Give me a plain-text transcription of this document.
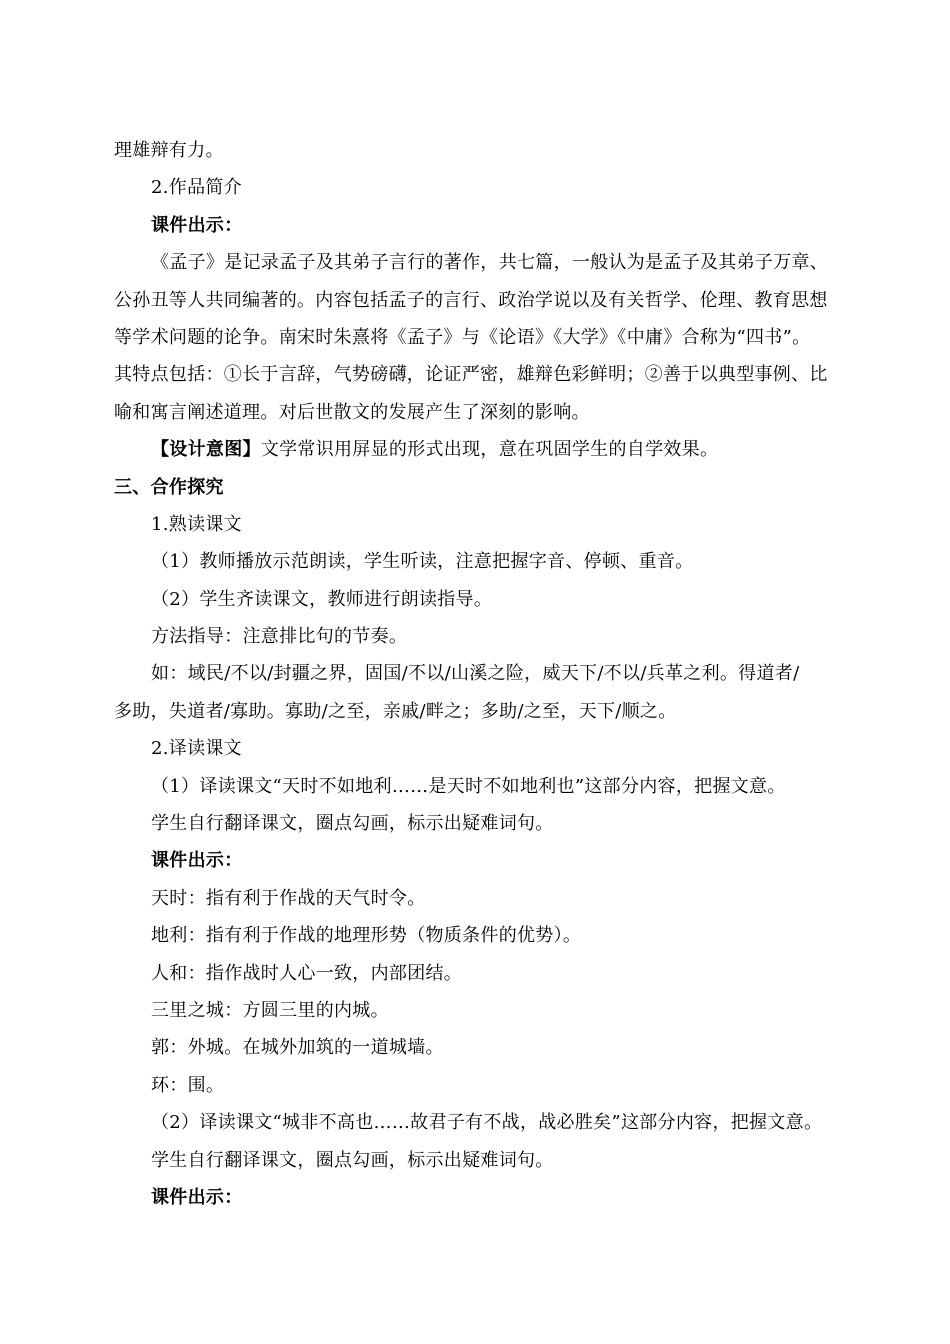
理雄辩有力。
2.作品简介
课件出示：
《孟子》是记录孟子及其弟子言行的著作，共七篇，一般认为是孟子及其弟子万章、
公孙丑等人共同编著的。内容包括孟子的言行、政治学说以及有关哲学、伦理、教育思想
等学术问题的论争。南宋时朱熹将《孟子》与《论语》《大学》《中庸》合称为“四书”。
其特点包括：①长于言辞，气势磅礴，论证严密，雄辩色彩鲜明；②善于以典型事例、比
喻和寓言阐述道理。对后世散文的发展产生了深刻的影响。
【设计意图】文学常识用屏显的形式出现，意在巩固学生的自学效果。
三、合作探究
1.熟读课文
（1）教师播放示范朗读，学生听读，注意把握字音、停顿、重音。
（2）学生齐读课文，教师进行朗读指导。
方法指导：注意排比句的节奏。
如：域民/不以/封疆之界，固国/不以/山溪之险，威天下/不以/兵革之利。得道者/
多助，失道者/寡助。寡助/之至，亲戚/畔之；多助/之至，天下/顺之。
2.译读课文
（1）译读课文“天时不如地利……是天时不如地利也”这部分内容，把握文意。
学生自行翻译课文，圈点勾画，标示出疑难词句。
课件出示：
天时：指有利于作战的天气时令。
地利：指有利于作战的地理形势（物质条件的优势）。
人和：指作战时人心一致，内部团结。
三里之城：方圆三里的内城。
郭：外城。在城外加筑的一道城墙。
环：围。
（2）译读课文“城非不高也……故君子有不战，战必胜矣”这部分内容，把握文意。
学生自行翻译课文，圈点勾画，标示出疑难词句。
课件出示：
